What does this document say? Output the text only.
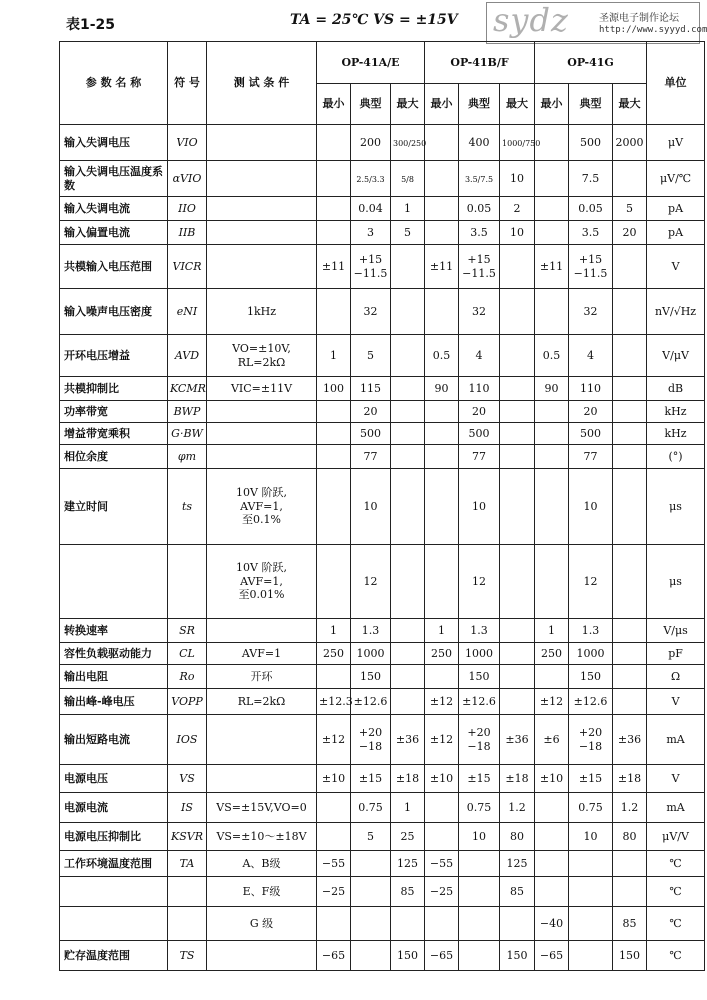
表1-25	TA = 25℃ VS = ±15V sydz	圣源电子制作论坛
http://www.syyyd.com
参 数 名 称	符 号	测 试 条 件	OP-41A/E			OP-41B/F			OP-41G			单位
			最小	典型	最大	最小	典型	最大	最小	典型	最大	
输入失调电压	VIO			200	300/250		400	1000/750		500	2000	μV
输入失调电压温度系数	αVIO			2.5/3.3	5/8		3.5/7.5	10		7.5		μV/℃
输入失调电流	IIO			0.04	1		0.05	2		0.05	5	pA
输入偏置电流	IIB			3	5		3.5	10		3.5	20	pA
共模输入电压范围	VICR		±11	+15
−11.5		±11	+15
−11.5		±11	+15
−11.5		V
输入噪声电压密度	eNI	1kHz		32			32			32		nV/√Hz
开环电压增益	AVD	VO=±10V,
RL=2kΩ	1	5		0.5	4		0.5	4		V/μV
共模抑制比	KCMR	VIC=±11V	100	115		90	110		90	110		dB
功率带宽	BWP			20			20			20		kHz
增益带宽乘积	G·BW			500			500			500		kHz
相位余度	φm			77			77			77		(°)
建立时间	ts	10V 阶跃,
AVF=1,
至0.1%		10			10			10		μs
		10V 阶跃,
AVF=1,
至0.01%		12			12			12		μs
转换速率	SR		1	1.3		1	1.3		1	1.3		V/μs
容性负载驱动能力	CL	AVF=1	250	1000		250	1000		250	1000		pF
输出电阻	Ro	开环		150			150			150		Ω
输出峰-峰电压	VOPP	RL=2kΩ	±12.3	±12.6		±12	±12.6		±12	±12.6		V
输出短路电流	IOS		±12	+20
−18	±36	±12	+20
−18	±36	±6	+20
−18	±36	mA
电源电压	VS		±10	±15	±18	±10	±15	±18	±10	±15	±18	V
电源电流	IS	VS=±15V,VO=0		0.75	1		0.75	1.2		0.75	1.2	mA
电源电压抑制比	KSVR	VS=±10～±18V		5	25		10	80		10	80	μV/V
工作环境温度范围	TA	A、B级	−55		125	−55		125				℃
		E、F级	−25		85	−25		85				℃
		G 级							−40		85	℃
贮存温度范围	TS		−65		150	−65		150	−65		150	℃
